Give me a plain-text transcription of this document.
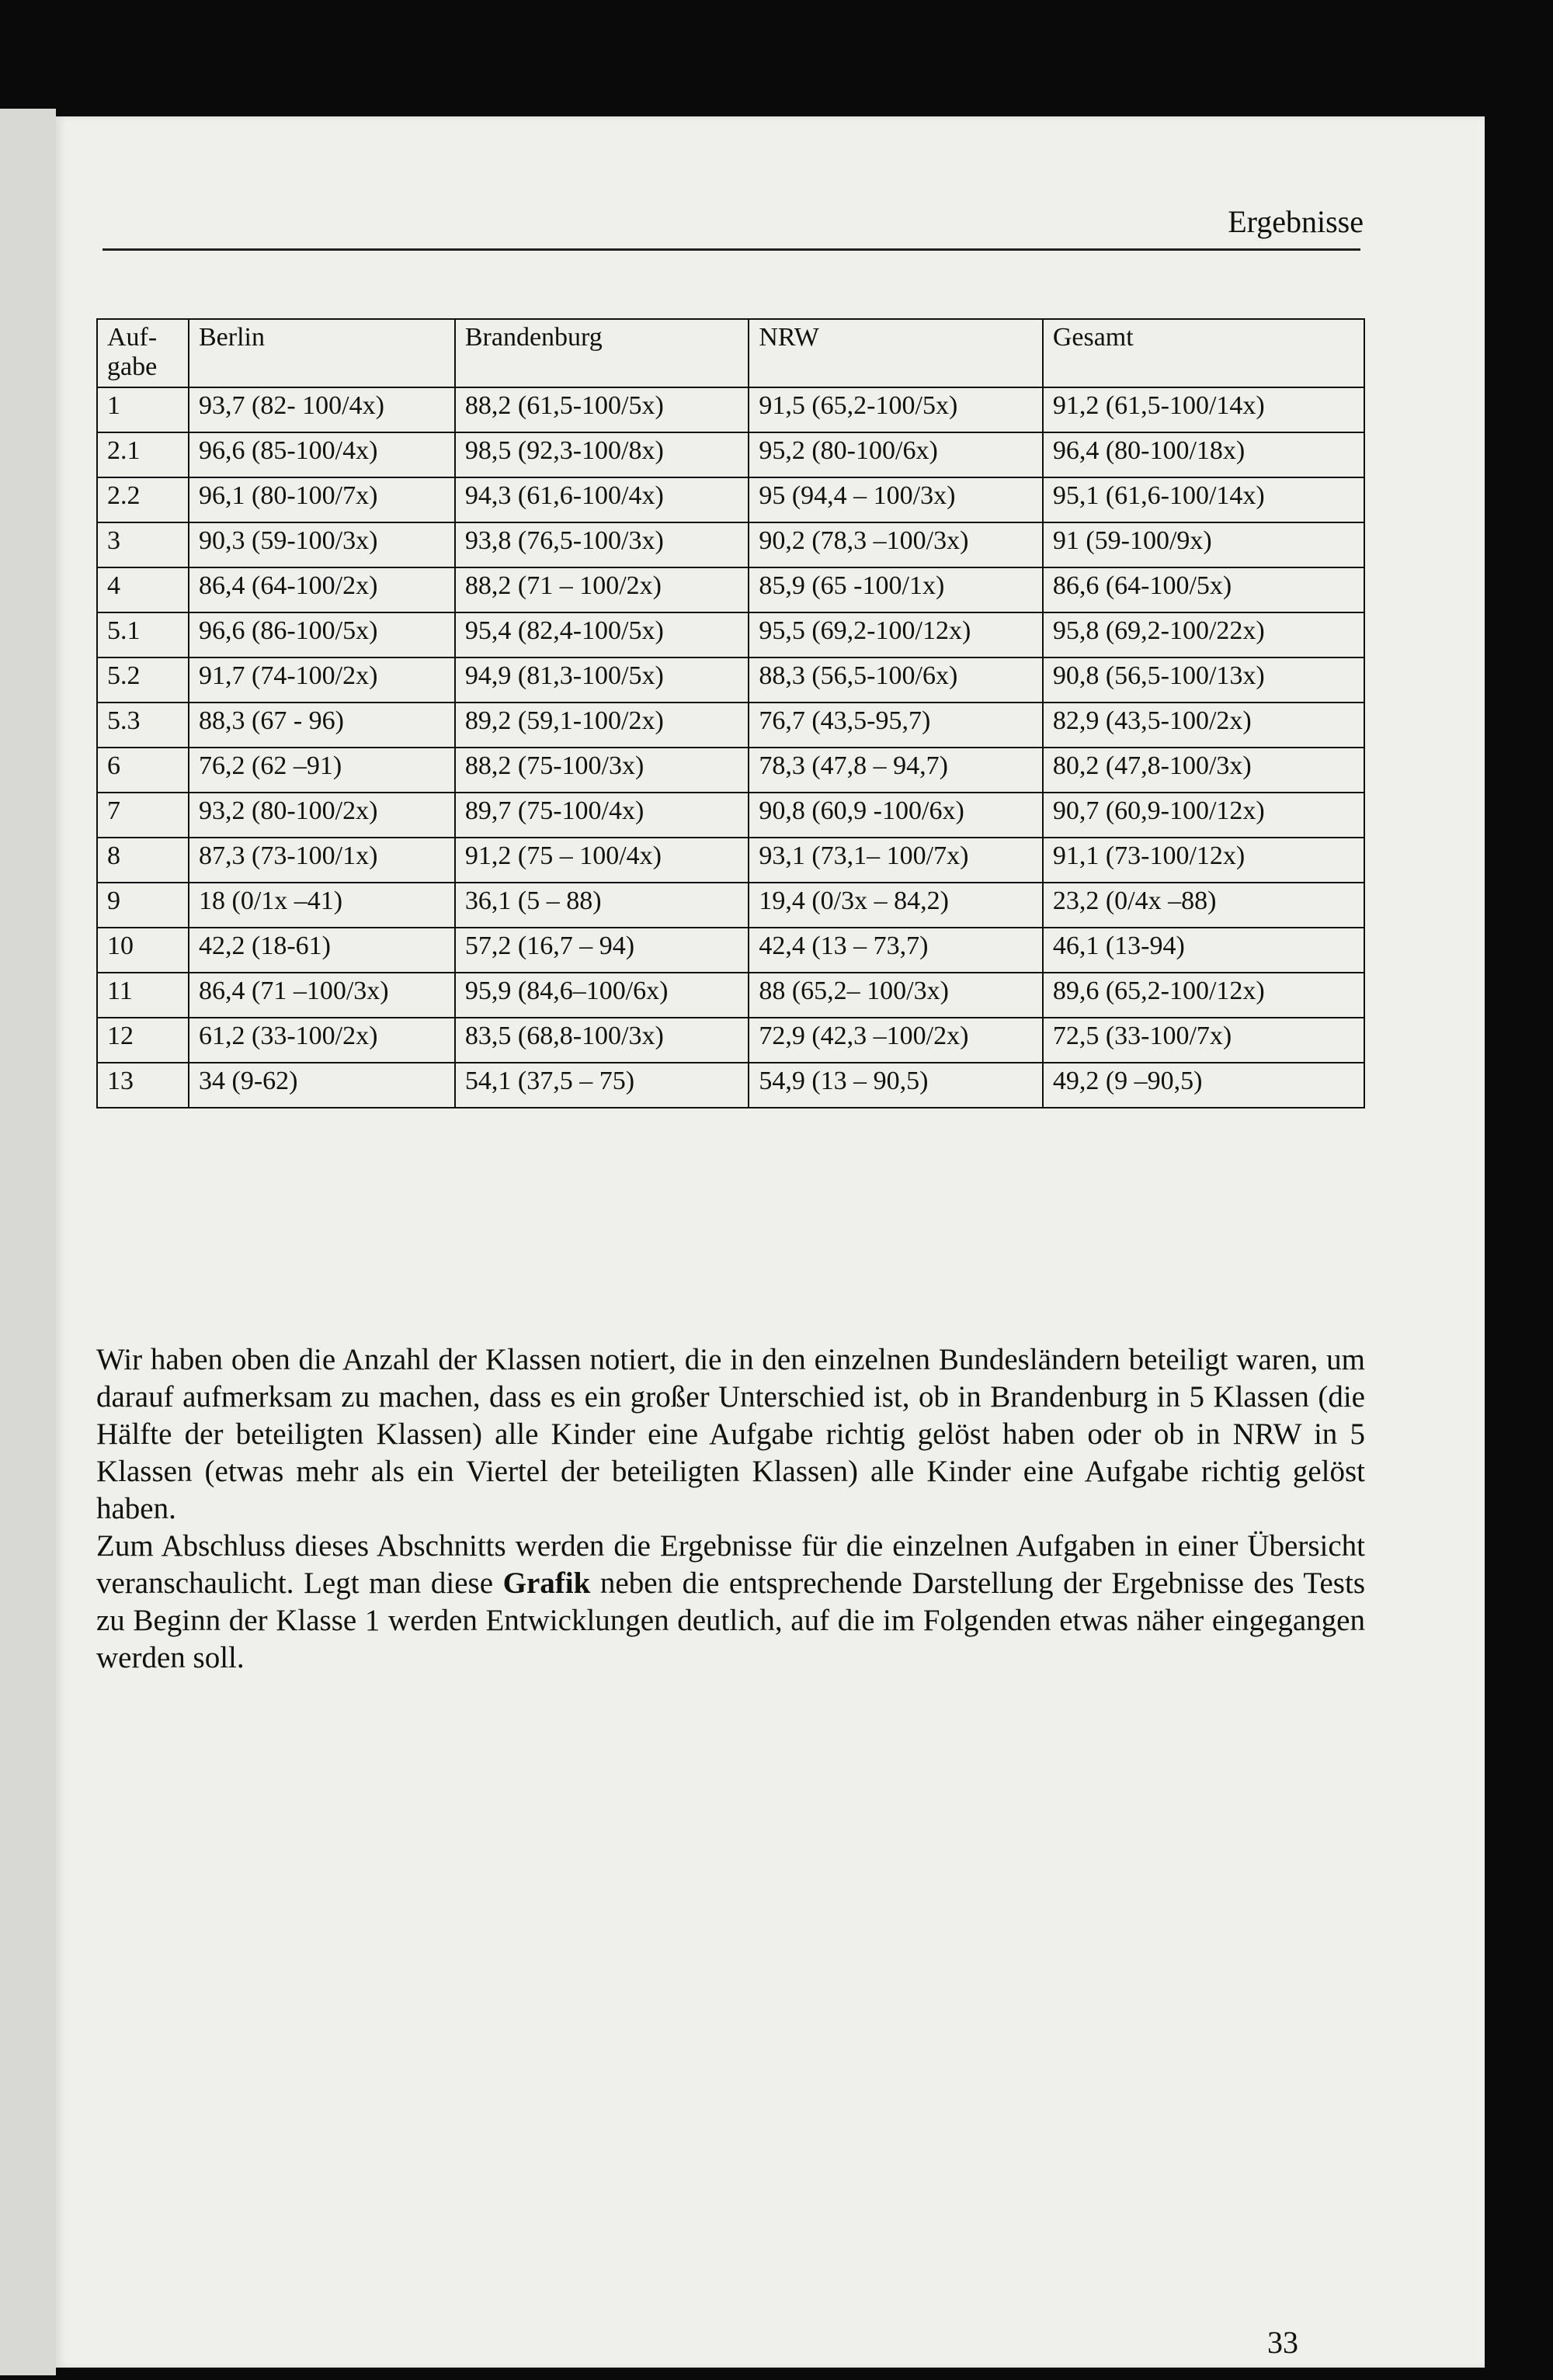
Ergebnisse
Auf-
gabe	Berlin	Brandenburg	NRW	Gesamt
1	93,7 (82- 100/4x)	88,2 (61,5-100/5x)	91,5 (65,2-100/5x)	91,2 (61,5-100/14x)
2.1	96,6 (85-100/4x)	98,5 (92,3-100/8x)	95,2 (80-100/6x)	96,4 (80-100/18x)
2.2	96,1 (80-100/7x)	94,3 (61,6-100/4x)	95 (94,4 – 100/3x)	95,1 (61,6-100/14x)
3	90,3 (59-100/3x)	93,8 (76,5-100/3x)	90,2 (78,3 –100/3x)	91 (59-100/9x)
4	86,4 (64-100/2x)	88,2 (71 – 100/2x)	85,9 (65 -100/1x)	86,6 (64-100/5x)
5.1	96,6 (86-100/5x)	95,4 (82,4-100/5x)	95,5 (69,2-100/12x)	95,8 (69,2-100/22x)
5.2	91,7 (74-100/2x)	94,9 (81,3-100/5x)	88,3 (56,5-100/6x)	90,8 (56,5-100/13x)
5.3	88,3 (67 - 96)	89,2 (59,1-100/2x)	76,7 (43,5-95,7)	82,9 (43,5-100/2x)
6	76,2 (62 –91)	88,2 (75-100/3x)	78,3 (47,8 – 94,7)	80,2 (47,8-100/3x)
7	93,2 (80-100/2x)	89,7 (75-100/4x)	90,8 (60,9 -100/6x)	90,7 (60,9-100/12x)
8	87,3 (73-100/1x)	91,2 (75 – 100/4x)	93,1 (73,1– 100/7x)	91,1 (73-100/12x)
9	18 (0/1x –41)	36,1 (5 – 88)	19,4 (0/3x – 84,2)	23,2 (0/4x –88)
10	42,2 (18-61)	57,2 (16,7 – 94)	42,4 (13 – 73,7)	46,1 (13-94)
11	86,4 (71 –100/3x)	95,9 (84,6–100/6x)	88 (65,2– 100/3x)	89,6 (65,2-100/12x)
12	61,2 (33-100/2x)	83,5 (68,8-100/3x)	72,9 (42,3 –100/2x)	72,5 (33-100/7x)
13	34 (9-62)	54,1 (37,5 – 75)	54,9 (13 – 90,5)	49,2 (9 –90,5)

Wir haben oben die Anzahl der Klassen notiert, die in den einzelnen Bundesländern beteiligt waren, um darauf aufmerksam zu machen, dass es ein großer Unterschied ist, ob in Brandenburg in 5 Klassen (die Hälfte der beteiligten Klassen) alle Kinder eine Aufgabe richtig gelöst haben oder ob in NRW in 5 Klassen (etwas mehr als ein Viertel der beteiligten Klassen) alle Kinder eine Aufgabe richtig gelöst haben.

Zum Abschluss dieses Abschnitts werden die Ergebnisse für die einzelnen Aufgaben in einer Übersicht veranschaulicht. Legt man diese Grafik neben die entsprechende Darstellung der Ergebnisse des Tests zu Beginn der Klasse 1 werden Entwicklungen deutlich, auf die im Folgenden etwas näher eingegangen werden soll.

33
